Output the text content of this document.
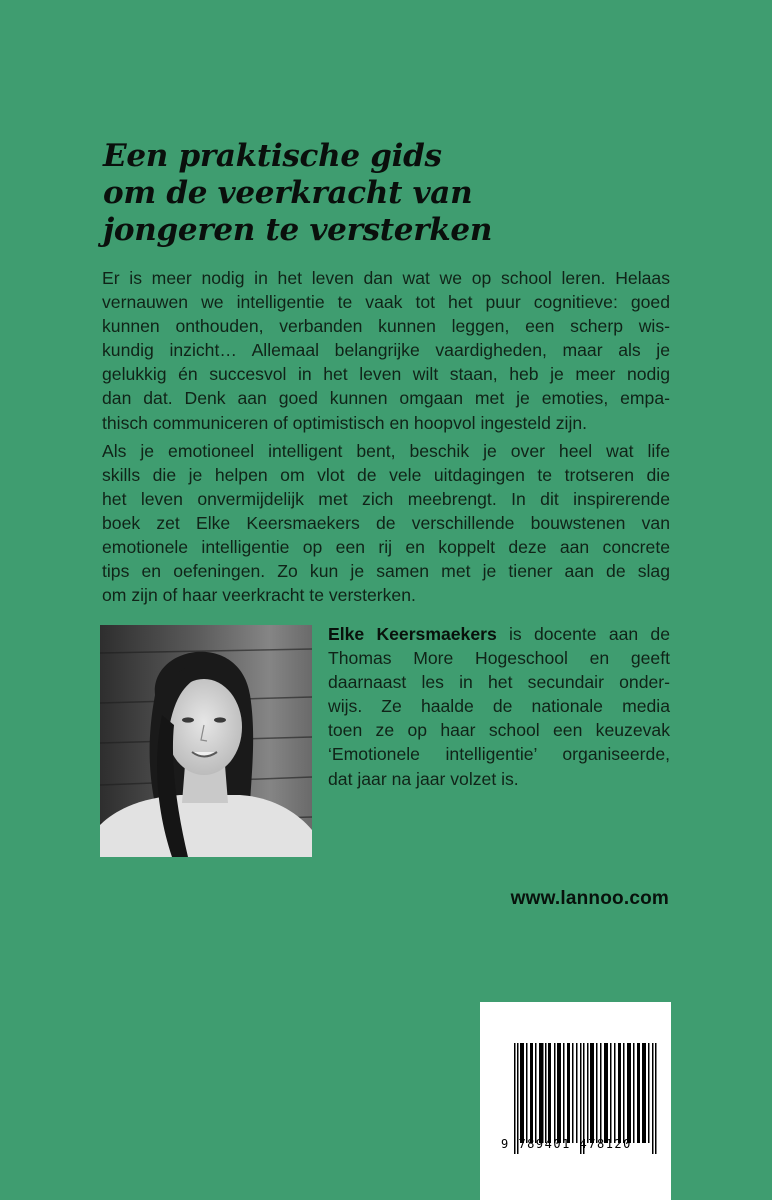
Een praktische gids
om de veerkracht van
jongeren te versterken

Er is meer nodig in het leven dan wat we op school leren. Helaas
vernauwen we intelligentie te vaak tot het puur cognitieve: goed
kunnen onthouden, verbanden kunnen leggen, een scherp wis-
kundig inzicht… Allemaal belangrijke vaardigheden, maar als je
gelukkig én succesvol in het leven wilt staan, heb je meer nodig
dan dat. Denk aan goed kunnen omgaan met je emoties, empa-
thisch communiceren of optimistisch en hoopvol ingesteld zijn.

Als je emotioneel intelligent bent, beschik je over heel wat life
skills die je helpen om vlot de vele uitdagingen te trotseren die
het leven onvermijdelijk met zich meebrengt. In dit inspirerende
boek zet Elke Keersmaekers de verschillende bouwstenen van
emotionele intelligentie op een rij en koppelt deze aan concrete
tips en oefeningen. Zo kun je samen met je tiener aan de slag
om zijn of haar veerkracht te versterken.

Elke Keersmaekers is docente aan de
Thomas More Hogeschool en geeft
daarnaast les in het secundair onder-
wijs. Ze haalde de nationale media
toen ze op haar school een keuzevak
‘Emotionele intelligentie’ organiseerde,
dat jaar na jaar volzet is.
www.lannoo.com
9 789401 478120
